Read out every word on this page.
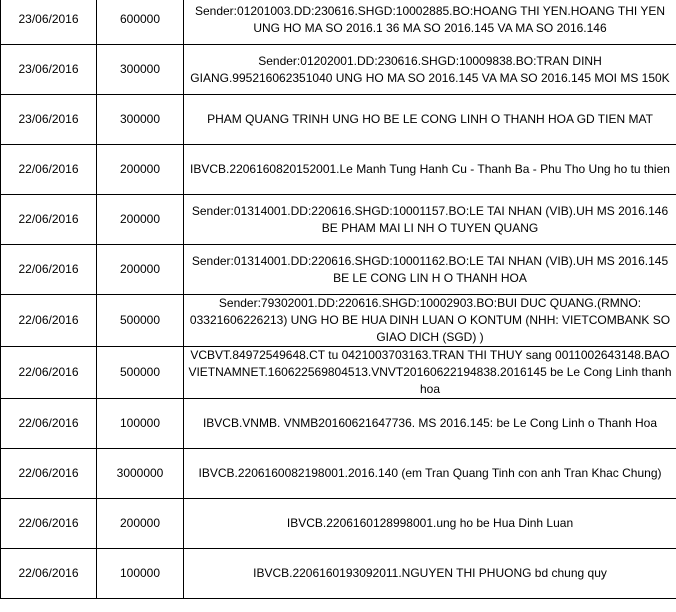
23/06/2016	600000	Sender:01201003.DD:230616.SHGD:10002885.BO:HOANG THI YEN.HOANG THI YEN UNG HO MA SO 2016.1 36 MA SO 2016.145 VA MA SO 2016.146
23/06/2016	300000	Sender:01202001.DD:230616.SHGD:10009838.BO:TRAN DINH GIANG.995216062351040 UNG HO MA SO 2016.145 VA MA SO 2016.145 MOI MS 150K
23/06/2016	300000	PHAM QUANG TRINH UNG HO BE LE CONG LINH O THANH HOA GD TIEN MAT
22/06/2016	200000	IBVCB.2206160820152001.Le Manh Tung Hanh Cu - Thanh Ba - Phu Tho Ung ho tu thien
22/06/2016	200000	Sender:01314001.DD:220616.SHGD:10001157.BO:LE TAI NHAN (VIB).UH MS 2016.146 BE PHAM MAI LI NH O TUYEN QUANG
22/06/2016	200000	Sender:01314001.DD:220616.SHGD:10001162.BO:LE TAI NHAN (VIB).UH MS 2016.145 BE LE CONG LIN H O THANH HOA
22/06/2016	500000	Sender:79302001.DD:220616.SHGD:10002903.BO:BUI DUC QUANG.(RMNO: 03321606226213) UNG HO BE HUA DINH LUAN O KONTUM (NHH: VIETCOMBANK SO GIAO DICH (SGD) )
22/06/2016	500000	VCBVT.84972549648.CT tu 0421003703163.TRAN THI THUY sang 0011002643148.BAO VIETNAMNET.160622569804513.VNVT20160622194838.2016145 be Le Cong Linh thanh hoa
22/06/2016	100000	IBVCB.VNMB. VNMB20160621647736. MS 2016.145: be Le Cong Linh o Thanh Hoa
22/06/2016	3000000	IBVCB.2206160082198001.2016.140 (em Tran Quang Tinh con anh Tran Khac Chung)
22/06/2016	200000	IBVCB.2206160128998001.ung ho be Hua Dinh Luan
22/06/2016	100000	IBVCB.2206160193092011.NGUYEN THI PHUONG bd chung quy
